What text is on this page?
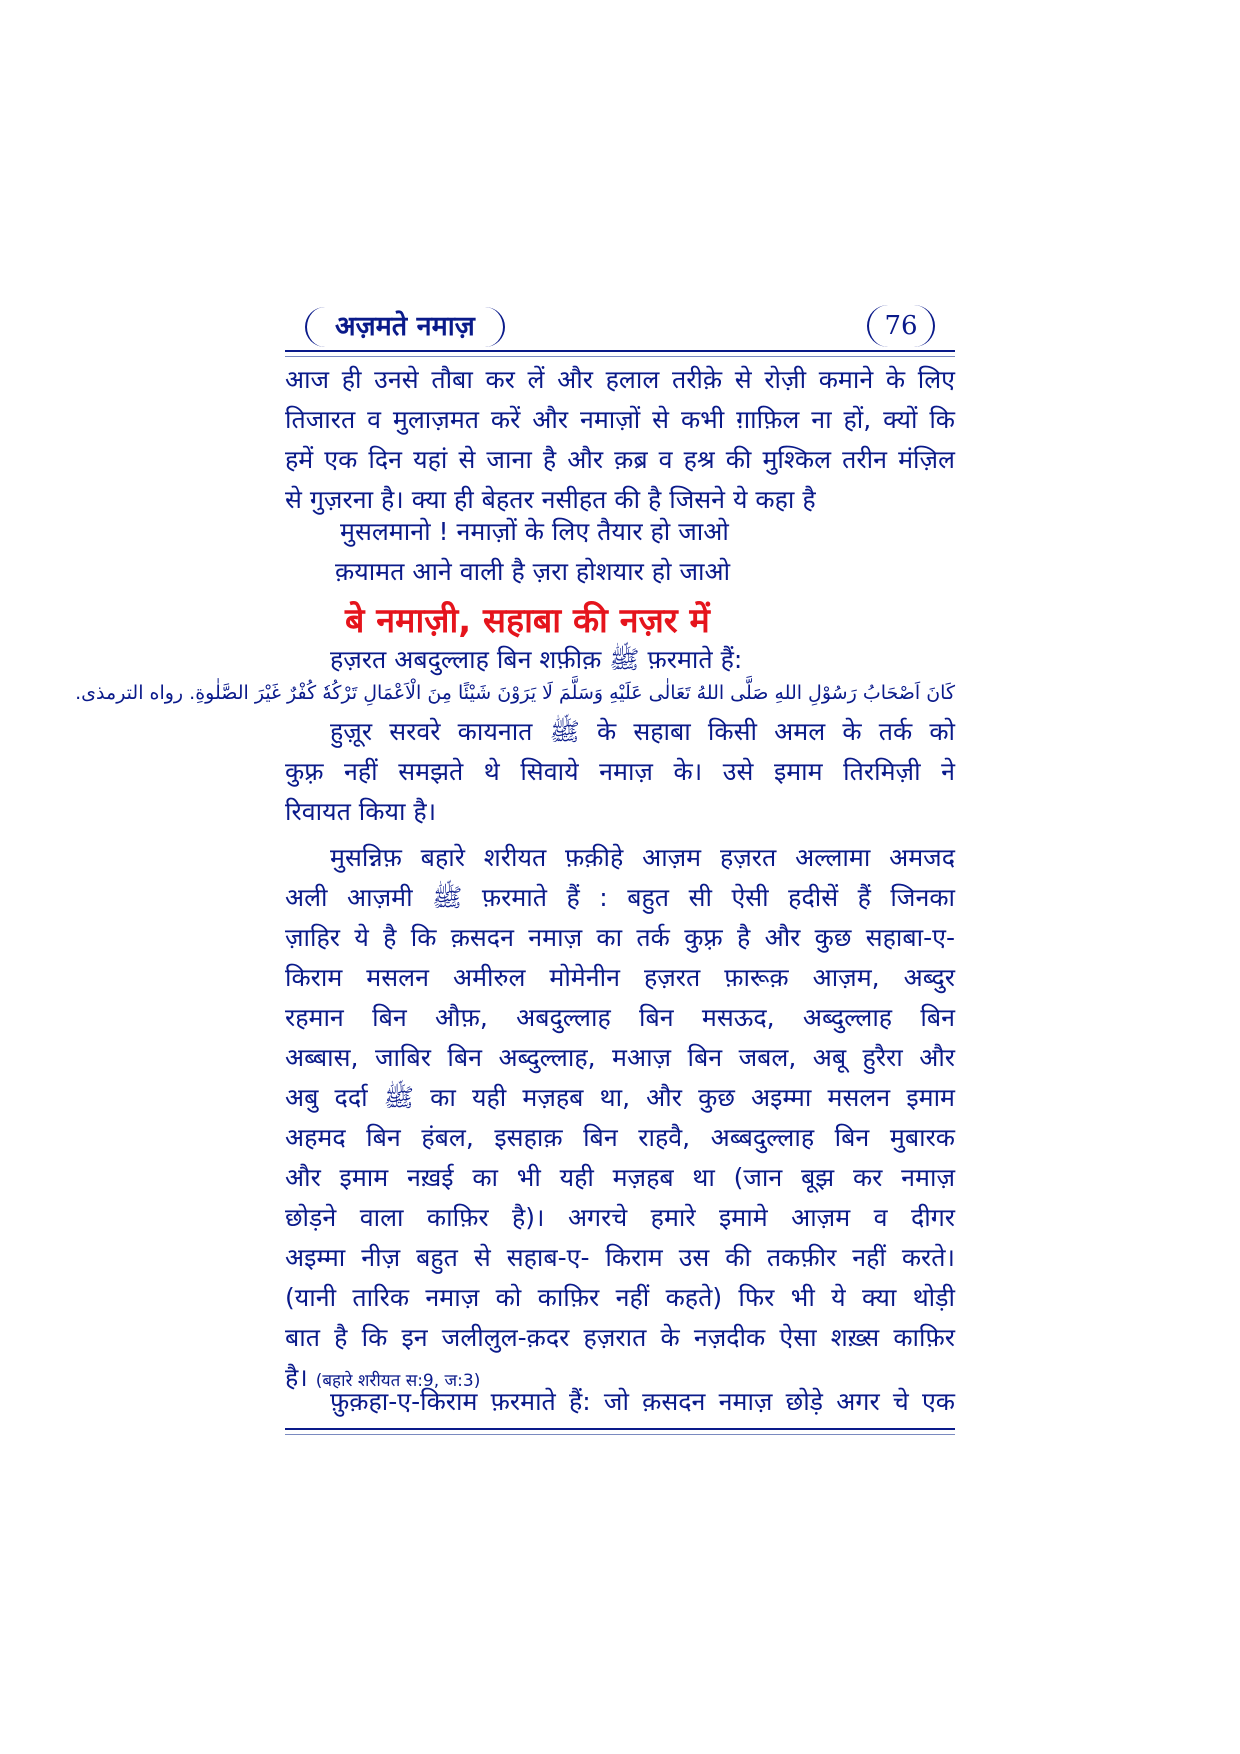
अज़मते नमाज़	76
आज ही उनसे तौबा कर लें और हलाल तरीक़े से रोज़ी कमाने के लिए
तिजारत व मुलाज़मत करें और नमाज़ों से कभी ग़ाफ़िल ना हों, क्यों कि
हमें एक दिन यहां से जाना है और क़ब्र व हश्र की मुश्किल तरीन मंज़िल
से गुज़रना है। क्या ही बेहतर नसीहत की है जिसने ये कहा है
मुसलमानो ! नमाज़ों के लिए तैयार हो जाओ
क़यामत आने वाली है ज़रा होशयार हो जाओ
बे नमाज़ी, सहाबा की नज़र में
हज़रत अबदुल्लाह बिन शफ़ीक़ ﷺ फ़रमाते हैं:
كَانَ اَصْحَابُ رَسُوْلِ اللهِ صَلَّى اللهُ تَعَالٰى عَلَيْهِ وَسَلَّمَ لَا يَرَوْنَ شَيْئًا مِنَ الْاَعْمَالِ تَرْكُهٗ كُفْرٌ غَيْرَ الصَّلٰوةِ. رواه الترمذى.
हुज़ूर सरवरे कायनात ﷺ के सहाबा किसी अमल के तर्क को
कुफ़्र नहीं समझते थे सिवाये नमाज़ के। उसे इमाम तिरमिज़ी ने
रिवायत किया है।
मुसन्निफ़ बहारे शरीयत फ़क़ीहे आज़म हज़रत अल्लामा अमजद
अली आज़मी ﷺ फ़रमाते हैं : बहुत सी ऐसी हदीसें हैं जिनका
ज़ाहिर ये है कि क़सदन नमाज़ का तर्क कुफ़्र है और कुछ सहाबा-ए-
किराम मसलन अमीरुल मोमेनीन हज़रत फ़ारूक़ आज़म, अब्दुर
रहमान बिन औफ़, अबदुल्लाह बिन मसऊद, अब्दुल्लाह बिन
अब्बास, जाबिर बिन अब्दुल्लाह, मआज़ बिन जबल, अबू हुरैरा और
अबु दर्दा ﷺ का यही मज़हब था, और कुछ अइम्मा मसलन इमाम
अहमद बिन हंबल, इसहाक़ बिन राहवै, अब्बदुल्लाह बिन मुबारक
और इमाम नख़ई का भी यही मज़हब था (जान बूझ कर नमाज़
छोड़ने वाला काफ़िर है)। अगरचे हमारे इमामे आज़म व दीगर
अइम्मा नीज़ बहुत से सहाब-ए- किराम उस की तकफ़ीर नहीं करते।
(यानी तारिक नमाज़ को काफ़िर नहीं कहते) फिर भी ये क्या थोड़ी
बात है कि इन जलीलुल-क़दर हज़रात के नज़दीक ऐसा शख़्स काफ़िर
है। (बहारे शरीयत स:9, ज:3)
फ़ुक़हा-ए-किराम फ़रमाते हैं: जो क़सदन नमाज़ छोड़े अगर चे एक
